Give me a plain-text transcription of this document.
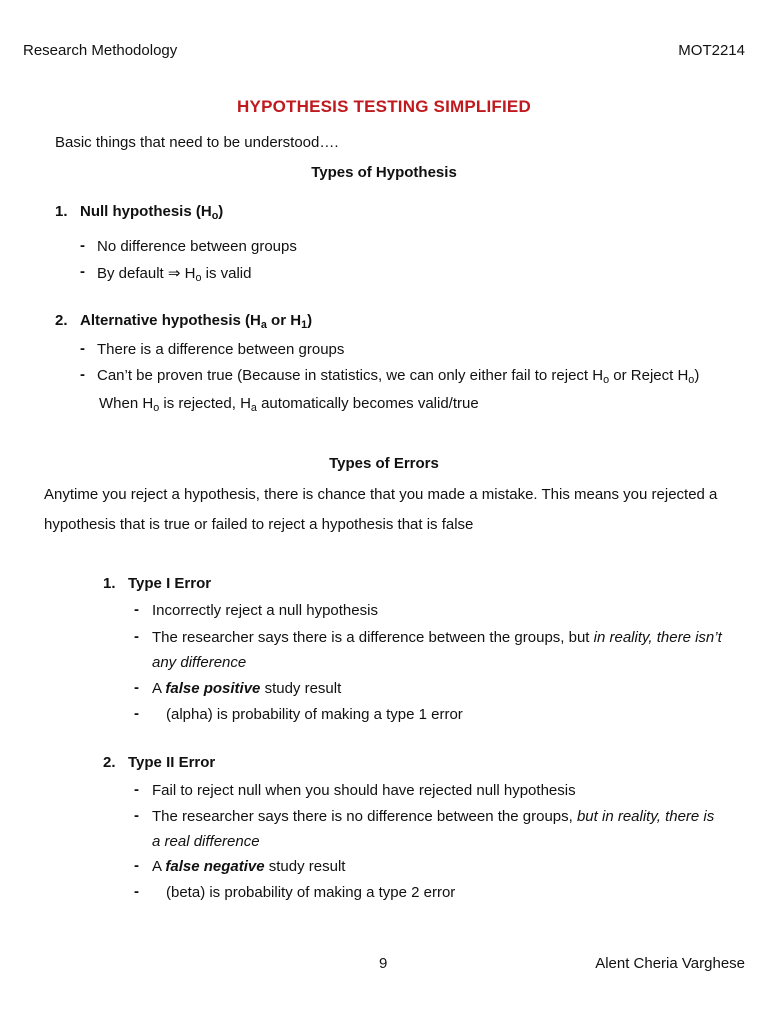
Research Methodology	MOT2214
HYPOTHESIS TESTING SIMPLIFIED
Basic things that need to be understood….
Types of Hypothesis
1. Null hypothesis $(H_o)$
- No difference between groups
- By default ⇒ $H_o$ is valid
2. Alternative hypothesis ($H_a$ or $H_1$)
- There is a difference between groups
- Can’t be proven true (Because in statistics, we can only either fail to reject $H_o$ or Reject $H_o$)
When $H_o$ is rejected, $H_a$ automatically becomes valid/true
Types of Errors
Anytime you reject a hypothesis, there is chance that you made a mistake. This means you rejected a
hypothesis that is true or failed to reject a hypothesis that is false
1. Type I Error
- Incorrectly reject a null hypothesis
- The researcher says there is a difference between the groups, but in reality, there isn’t
any difference
- A false positive study result
- (alpha) is probability of making a type 1 error
2. Type II Error
- Fail to reject null when you should have rejected null hypothesis
- The researcher says there is no difference between the groups, but in reality, there is
a real difference
- A false negative study result
- (beta) is probability of making a type 2 error
9	Alent Cheria Varghese
